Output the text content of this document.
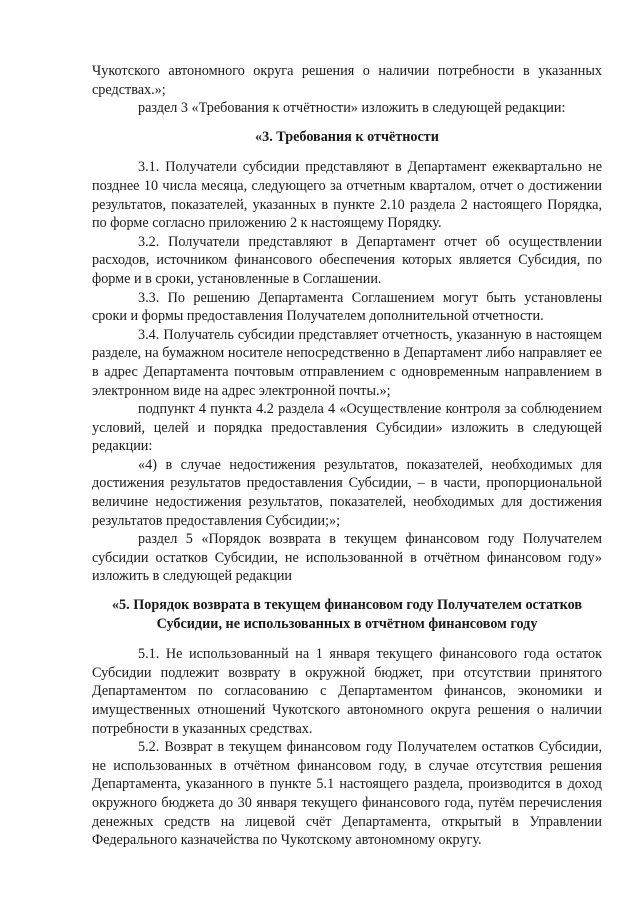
Чукотского автономного округа решения о наличии потребности в указанных средствах.»;

раздел 3 «Требования к отчётности» изложить в следующей редакции:

«3. Требования к отчётности

3.1. Получатели субсидии представляют в Департамент ежеквартально не позднее 10 числа месяца, следующего за отчетным кварталом, отчет о достижении результатов, показателей, указанных в пункте 2.10 раздела 2 настоящего Порядка, по форме согласно приложению 2 к настоящему Порядку.

3.2. Получатели представляют в Департамент отчет об осуществлении расходов, источником финансового обеспечения которых является Субсидия, по форме и в сроки, установленные в Соглашении.

3.3. По решению Департамента Соглашением могут быть установлены сроки и формы предоставления Получателем дополнительной отчетности.

3.4. Получатель субсидии представляет отчетность, указанную в настоящем разделе, на бумажном носителе непосредственно в Департамент либо направляет ее в адрес Департамента почтовым отправлением с одновременным направлением в электронном виде на адрес электронной почты.»;

подпункт 4 пункта 4.2 раздела 4 «Осуществление контроля за соблюдением условий, целей и порядка предоставления Субсидии» изложить в следующей редакции:

«4) в случае недостижения результатов, показателей, необходимых для достижения результатов предоставления Субсидии, – в части, пропорциональной величине недостижения результатов, показателей, необходимых для достижения результатов предоставления Субсидии;»;

раздел 5 «Порядок возврата в текущем финансовом году Получателем субсидии остатков Субсидии, не использованной в отчётном финансовом году» изложить в следующей редакции

«5. Порядок возврата в текущем финансовом году Получателем остатков Субсидии, не использованных в отчётном финансовом году

5.1. Не использованный на 1 января текущего финансового года остаток Субсидии подлежит возврату в окружной бюджет, при отсутствии принятого Департаментом по согласованию с Департаментом финансов, экономики и имущественных отношений Чукотского автономного округа решения о наличии потребности в указанных средствах.

5.2. Возврат в текущем финансовом году Получателем остатков Субсидии, не использованных в отчётном финансовом году, в случае отсутствия решения Департамента, указанного в пункте 5.1 настоящего раздела, производится в доход окружного бюджета до 30 января текущего финансового года, путём перечисления денежных средств на лицевой счёт Департамента, открытый в Управлении Федерального казначейства по Чукотскому автономному округу.
